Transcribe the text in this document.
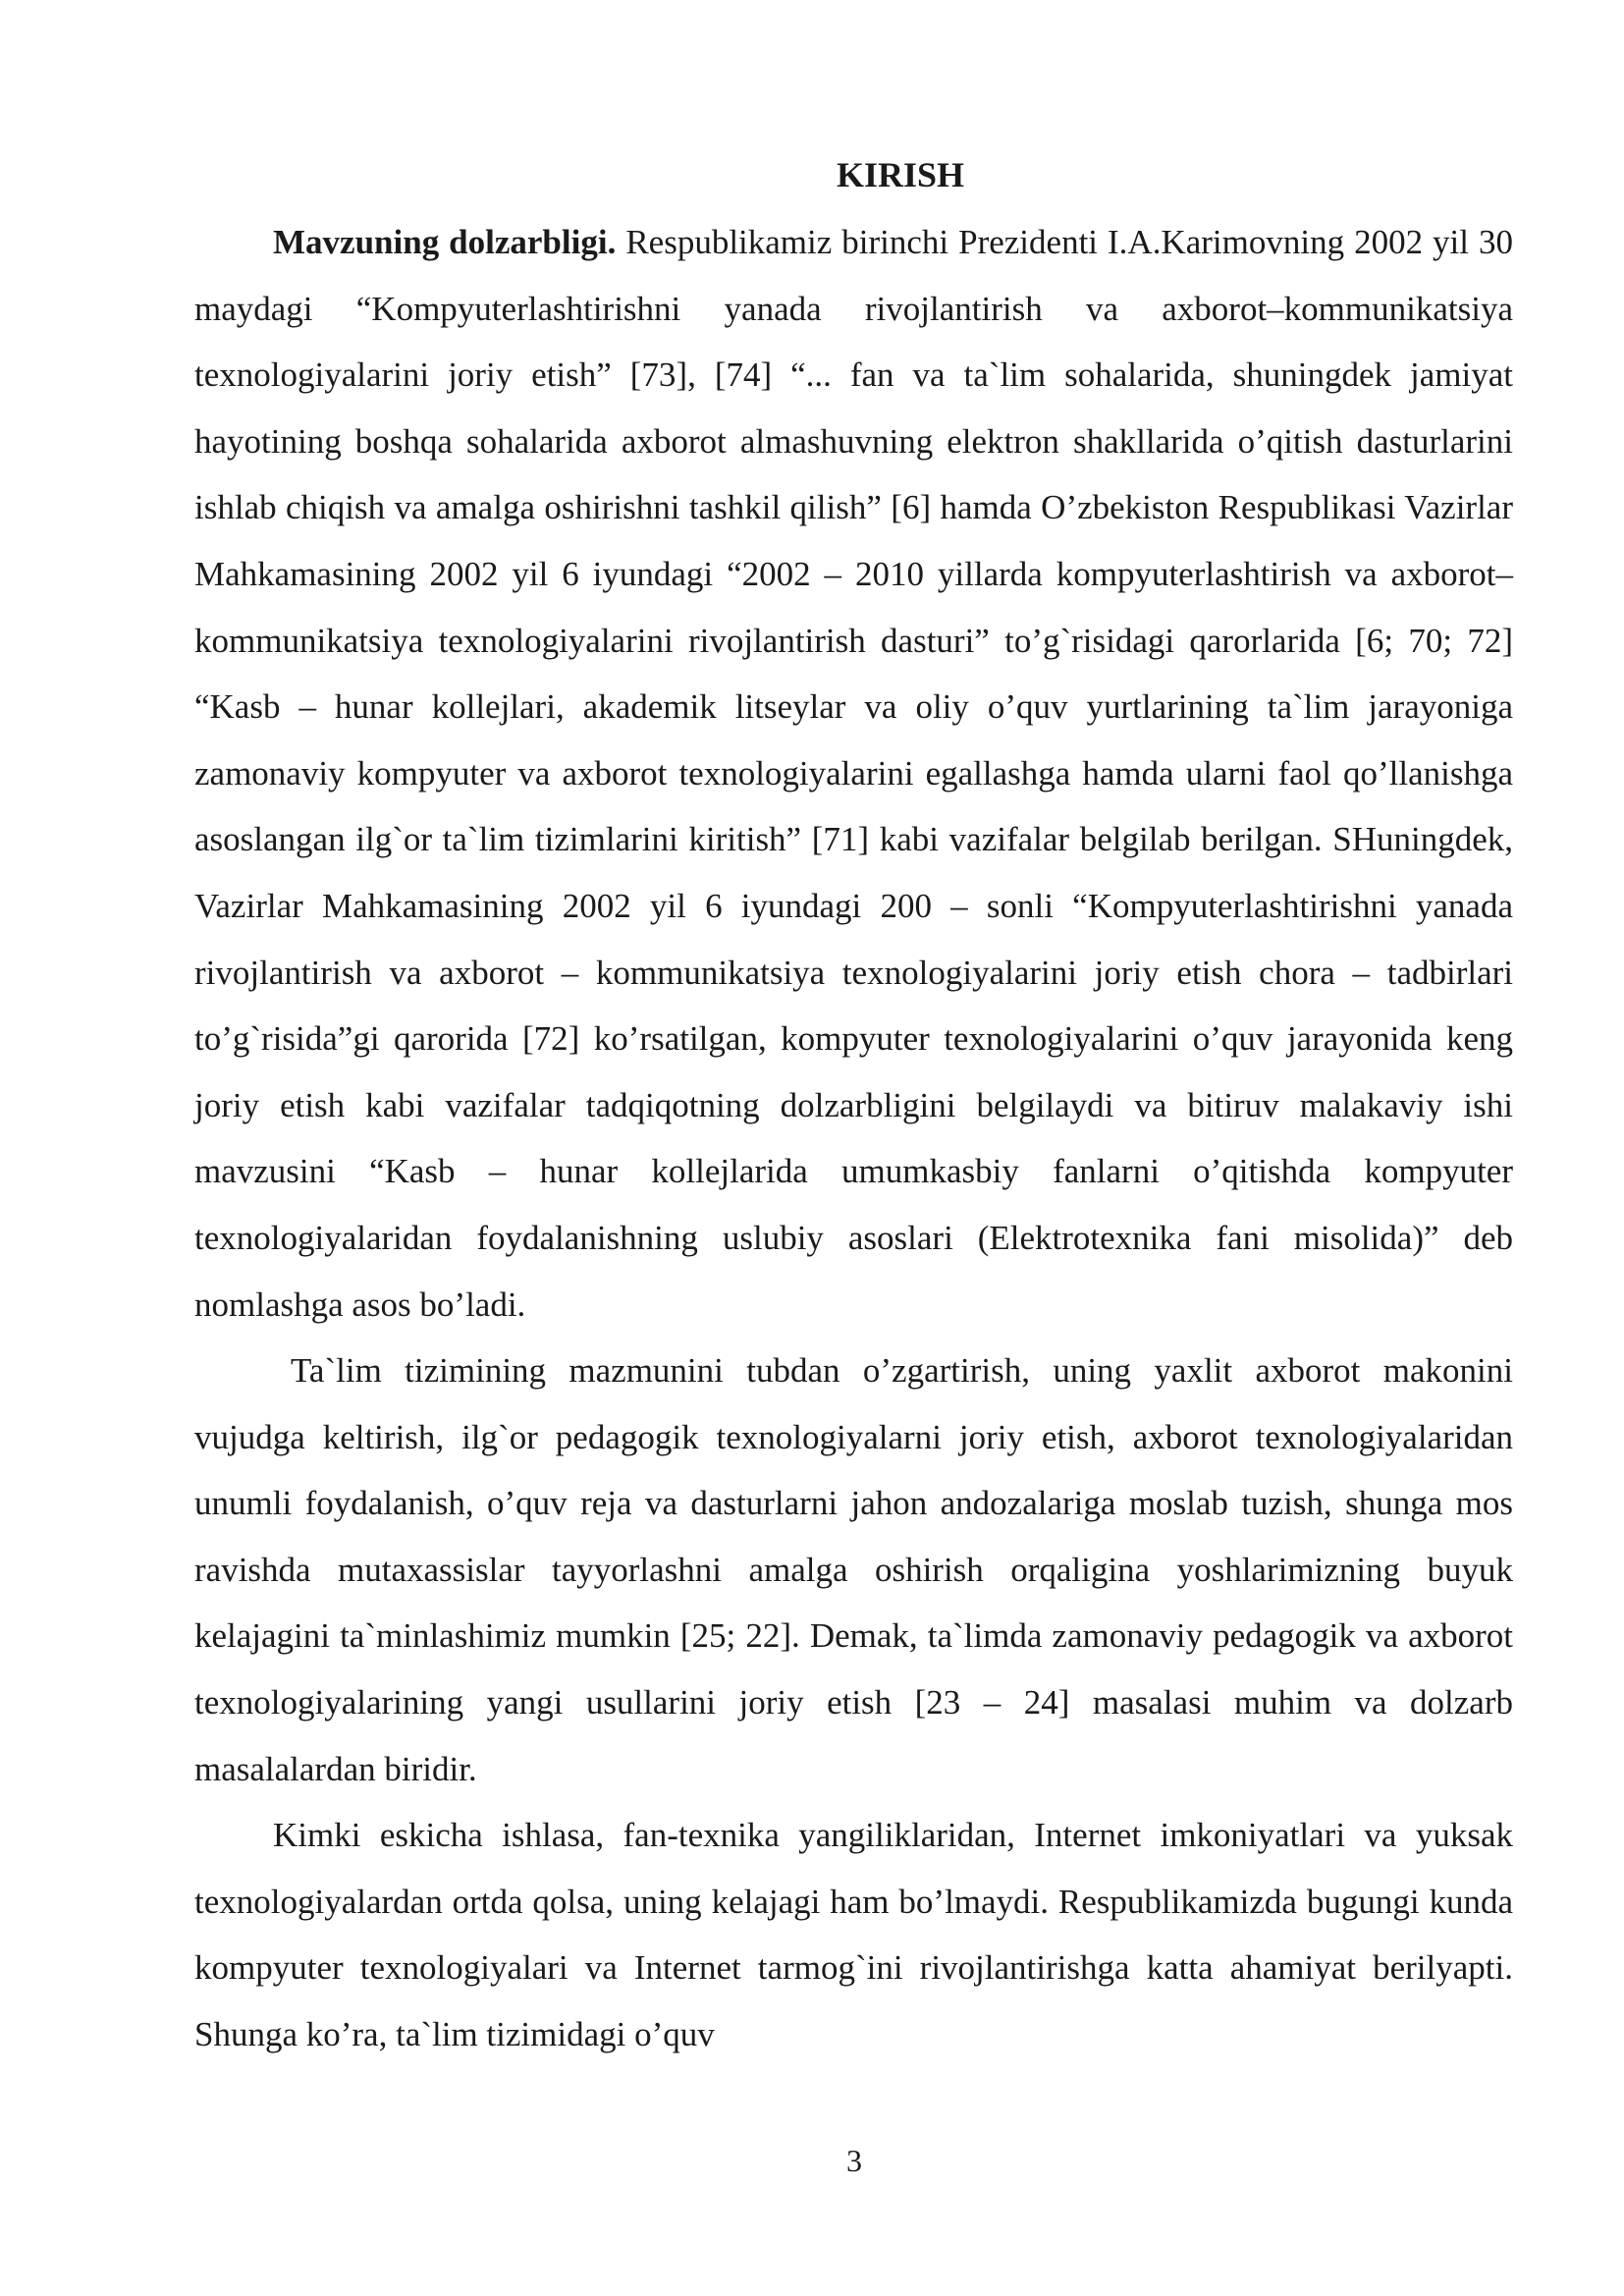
KIRISH

Mavzuning dolzarbligi. Respublikamiz birinchi Prezidenti I.A.Karimovning 2002 yil 30 maydagi “Kompyuterlashtirishni yanada rivojlantirish va axborot–kommunikatsiya texnologiyalarini joriy etish” [73], [74] “... fan va ta`lim sohalarida, shuningdek jamiyat hayotining boshqa sohalarida axborot almashuvning elektron shakllarida o’qitish dasturlarini ishlab chiqish va amalga oshirishni tashkil qilish” [6] hamda O’zbekiston Respublikasi Vazirlar Mahkamasining 2002 yil 6 iyundagi “2002 – 2010 yillarda kompyuterlashtirish va axborot–kommunikatsiya texnologiyalarini rivojlantirish dasturi” to’g`risidagi qarorlarida [6; 70; 72] “Kasb – hunar kollejlari, akademik litseylar va oliy o’quv yurtlarining ta`lim jarayoniga zamonaviy kompyuter va axborot texnologiyalarini egallashga hamda ularni faol qo’llanishga asoslangan ilg`or ta`lim tizimlarini kiritish” [71] kabi vazifalar belgilab berilgan. SHuningdek, Vazirlar Mahkamasining 2002 yil 6 iyundagi 200 – sonli “Kompyuterlashtirishni yanada rivojlantirish va axborot – kommunikatsiya texnologiyalarini joriy etish chora – tadbirlari to’g`risida”gi qarorida [72] ko’rsatilgan, kompyuter texnologiyalarini o’quv jarayonida keng joriy etish kabi vazifalar tadqiqotning dolzarbligini belgilaydi va bitiruv malakaviy ishi mavzusini “Kasb – hunar kollejlarida umumkasbiy fanlarni o’qitishda kompyuter texnologiyalaridan foydalanishning uslubiy asoslari (Elektrotexnika fani misolida)” deb nomlashga asos bo’ladi.

Ta`lim tizimining mazmunini tubdan o’zgartirish, uning yaxlit axborot makonini vujudga keltirish, ilg`or pedagogik texnologiyalarni joriy etish, axborot texnologiyalaridan unumli foydalanish, o’quv reja va dasturlarni jahon andozalariga moslab tuzish, shunga mos ravishda mutaxassislar tayyorlashni amalga oshirish orqaligina yoshlarimizning buyuk kelajagini ta`minlashimiz mumkin [25; 22]. Demak, ta`limda zamonaviy pedagogik va axborot texnologiyalarining yangi usullarini joriy etish [23 – 24] masalasi muhim va dolzarb masalalardan biridir.

Kimki eskicha ishlasa, fan-texnika yangiliklaridan, Internet imkoniyatlari va yuksak texnologiyalardan ortda qolsa, uning kelajagi ham bo’lmaydi. Respublikamizda bugungi kunda kompyuter texnologiyalari va Internet tarmog`ini rivojlantirishga katta ahamiyat berilyapti. Shunga ko’ra, ta`lim tizimidagi o’quv

3
